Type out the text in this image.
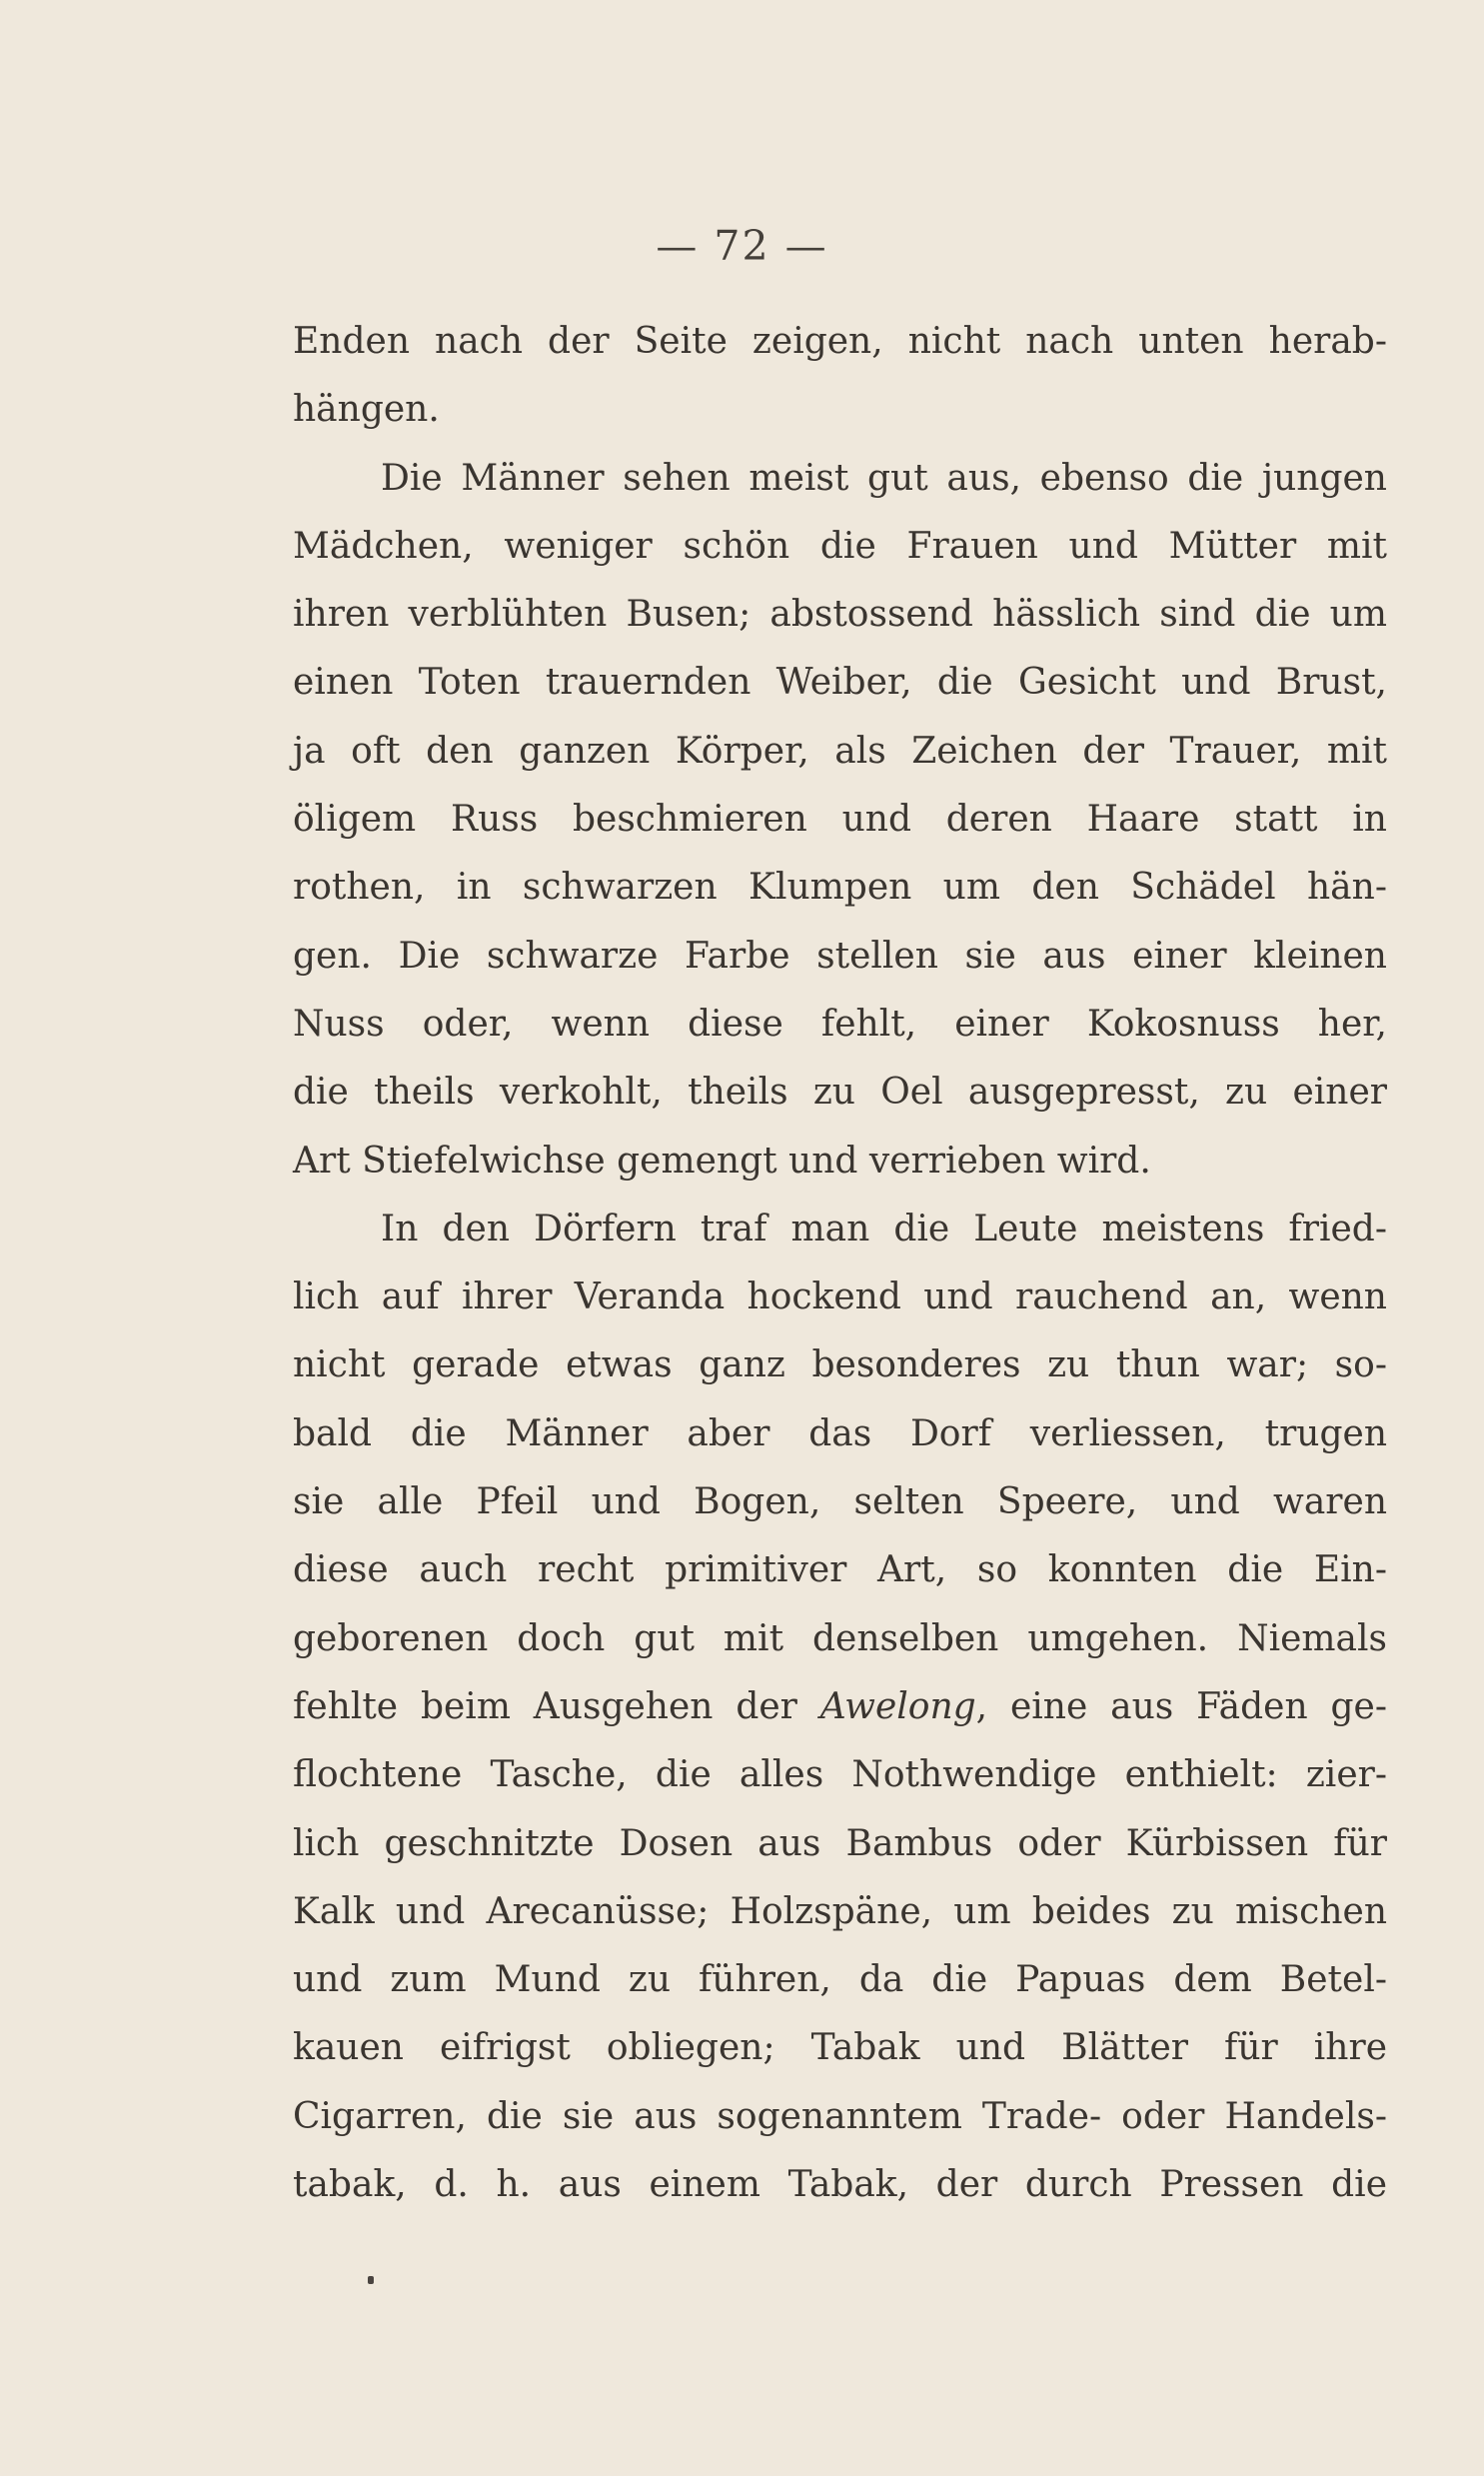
— 72 —
Enden nach der Seite zeigen, nicht nach unten herab-
hängen.
Die Männer sehen meist gut aus, ebenso die jungen
Mädchen, weniger schön die Frauen und Mütter mit
ihren verblühten Busen; abstossend hässlich sind die um
einen Toten trauernden Weiber, die Gesicht und Brust,
ja oft den ganzen Körper, als Zeichen der Trauer, mit
öligem Russ beschmieren und deren Haare statt in
rothen, in schwarzen Klumpen um den Schädel hän-
gen. Die schwarze Farbe stellen sie aus einer kleinen
Nuss oder, wenn diese fehlt, einer Kokosnuss her,
die theils verkohlt, theils zu Oel ausgepresst, zu einer
Art Stiefelwichse gemengt und verrieben wird.
In den Dörfern traf man die Leute meistens fried-
lich auf ihrer Veranda hockend und rauchend an, wenn
nicht gerade etwas ganz besonderes zu thun war; so-
bald die Männer aber das Dorf verliessen, trugen
sie alle Pfeil und Bogen, selten Speere, und waren
diese auch recht primitiver Art, so konnten die Ein-
geborenen doch gut mit denselben umgehen. Niemals
fehlte beim Ausgehen der Awelong, eine aus Fäden ge-
flochtene Tasche, die alles Nothwendige enthielt: zier-
lich geschnitzte Dosen aus Bambus oder Kürbissen für
Kalk und Arecanüsse; Holzspäne, um beides zu mischen
und zum Mund zu führen, da die Papuas dem Betel-
kauen eifrigst obliegen; Tabak und Blätter für ihre
Cigarren, die sie aus sogenanntem Trade- oder Handels-
tabak, d. h. aus einem Tabak, der durch Pressen die
